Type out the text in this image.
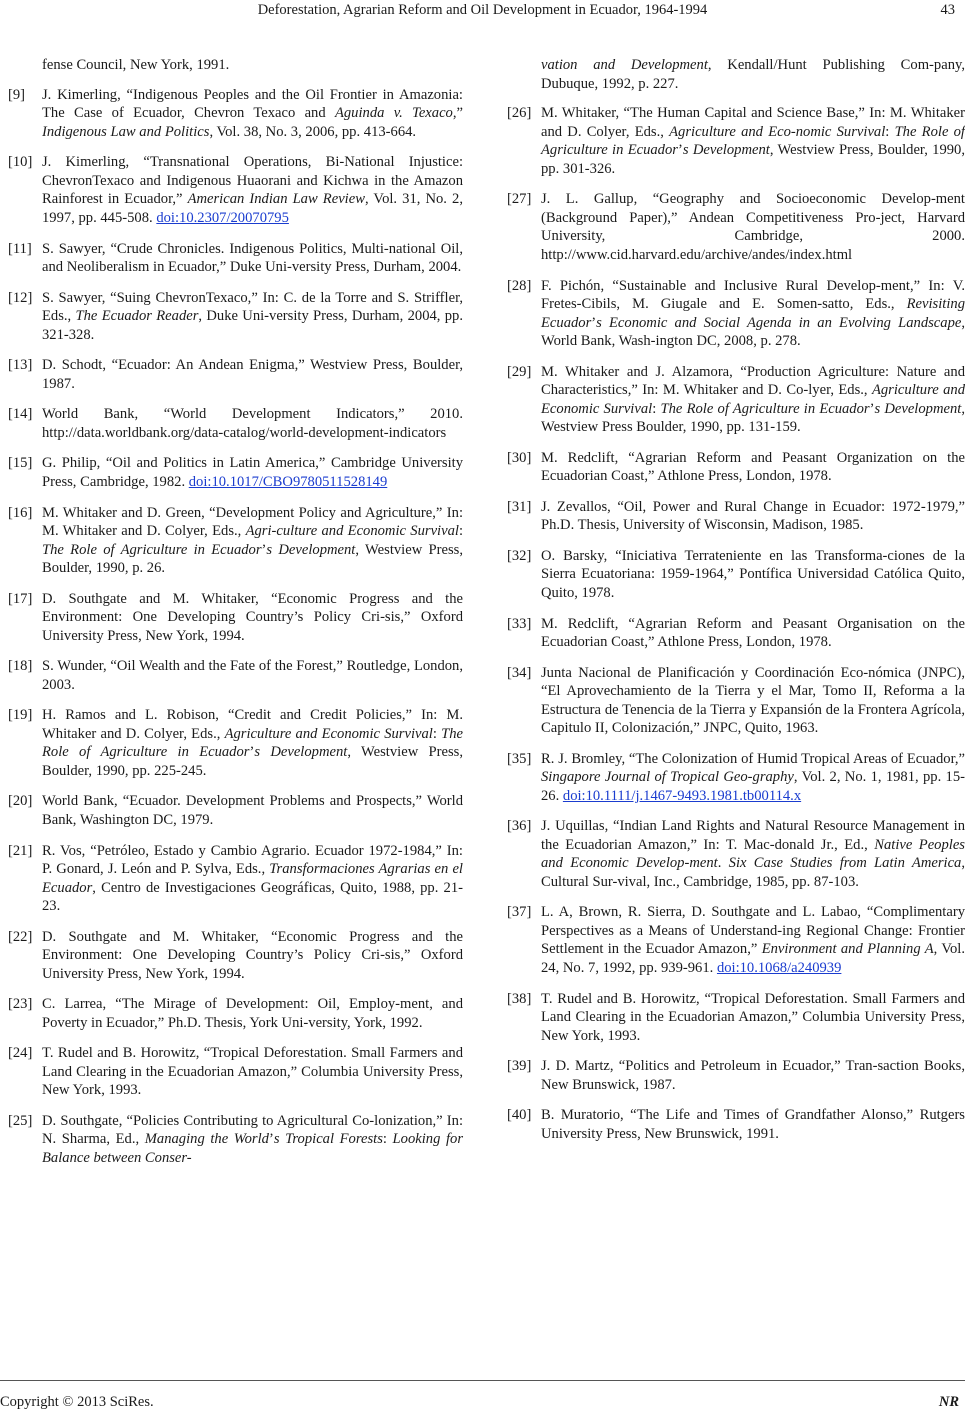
Deforestation, Agrarian Reform and Oil Development in Ecuador, 1964-1994	43
fense Council, New York, 1991.
[9]	J. Kimerling, “Indigenous Peoples and the Oil Frontier in Amazonia: The Case of Ecuador, Chevron Texaco and Aguinda v. Texaco,” Indigenous Law and Politics, Vol. 38, No. 3, 2006, pp. 413-664.
[10] J. Kimerling, “Transnational Operations, Bi-National Injustice: ChevronTexaco and Indigenous Huaorani and Kichwa in the Amazon Rainforest in Ecuador,” American Indian Law Review, Vol. 31, No. 2, 1997, pp. 445-508. doi:10.2307/20070795
[11] S. Sawyer, “Crude Chronicles. Indigenous Politics, Multi-national Oil, and Neoliberalism in Ecuador,” Duke Uni-versity Press, Durham, 2004.
[12] S. Sawyer, “Suing ChevronTexaco,” In: C. de la Torre and S. Striffler, Eds., The Ecuador Reader, Duke Uni-versity Press, Durham, 2004, pp. 321-328.
[13] D. Schodt, “Ecuador: An Andean Enigma,” Westview Press, Boulder, 1987.
[14] World Bank, “World Development Indicators,” 2010. http://data.worldbank.org/data-catalog/world-development-indicators
[15] G. Philip, “Oil and Politics in Latin America,” Cambridge University Press, Cambridge, 1982. doi:10.1017/CBO9780511528149
[16] M. Whitaker and D. Green, “Development Policy and Agriculture,” In: M. Whitaker and D. Colyer, Eds., Agri-culture and Economic Survival: The Role of Agriculture in Ecuador’s Development, Westview Press, Boulder, 1990, p. 26.
[17] D. Southgate and M. Whitaker, “Economic Progress and the Environment: One Developing Country’s Policy Cri-sis,” Oxford University Press, New York, 1994.
[18] S. Wunder, “Oil Wealth and the Fate of the Forest,” Routledge, London, 2003.
[19] H. Ramos and L. Robison, “Credit and Credit Policies,” In: M. Whitaker and D. Colyer, Eds., Agriculture and Economic Survival: The Role of Agriculture in Ecuador’s Development, Westview Press, Boulder, 1990, pp. 225-245.
[20] World Bank, “Ecuador. Development Problems and Prospects,” World Bank, Washington DC, 1979.
[21] R. Vos, “Petróleo, Estado y Cambio Agrario. Ecuador 1972-1984,” In: P. Gonard, J. León and P. Sylva, Eds., Transformaciones Agrarias en el Ecuador, Centro de Investigaciones Geográficas, Quito, 1988, pp. 21-23.
[22] D. Southgate and M. Whitaker, “Economic Progress and the Environment: One Developing Country’s Policy Cri-sis,” Oxford University Press, New York, 1994.
[23] C. Larrea, “The Mirage of Development: Oil, Employ-ment, and Poverty in Ecuador,” Ph.D. Thesis, York Uni-versity, York, 1992.
[24] T. Rudel and B. Horowitz, “Tropical Deforestation. Small Farmers and Land Clearing in the Ecuadorian Amazon,” Columbia University Press, New York, 1993.
[25] D. Southgate, “Policies Contributing to Agricultural Co-lonization,” In: N. Sharma, Ed., Managing the World’s Tropical Forests: Looking for Balance between Conser-
vation and Development, Kendall/Hunt Publishing Com-pany, Dubuque, 1992, p. 227.
[26] M. Whitaker, “The Human Capital and Science Base,” In: M. Whitaker and D. Colyer, Eds., Agriculture and Eco-nomic Survival: The Role of Agriculture in Ecuador’s Development, Westview Press, Boulder, 1990, pp. 301-326.
[27] J. L. Gallup, “Geography and Socioeconomic Develop-ment (Background Paper),” Andean Competitiveness Pro-ject, Harvard University, Cambridge, 2000. http://www.cid.harvard.edu/archive/andes/index.html
[28] F. Pichón, “Sustainable and Inclusive Rural Develop-ment,” In: V. Fretes-Cibils, M. Giugale and E. Somen-satto, Eds., Revisiting Ecuador’s Economic and Social Agenda in an Evolving Landscape, World Bank, Wash-ington DC, 2008, p. 278.
[29] M. Whitaker and J. Alzamora, “Production Agriculture: Nature and Characteristics,” In: M. Whitaker and D. Co-lyer, Eds., Agriculture and Economic Survival: The Role of Agriculture in Ecuador’s Development, Westview Press Boulder, 1990, pp. 131-159.
[30] M. Redclift, “Agrarian Reform and Peasant Organization on the Ecuadorian Coast,” Athlone Press, London, 1978.
[31] J. Zevallos, “Oil, Power and Rural Change in Ecuador: 1972-1979,” Ph.D. Thesis, University of Wisconsin, Madison, 1985.
[32] O. Barsky, “Iniciativa Terrateniente en las Transforma-ciones de la Sierra Ecuatoriana: 1959-1964,” Pontífica Universidad Católica Quito, Quito, 1978.
[33] M. Redclift, “Agrarian Reform and Peasant Organisation on the Ecuadorian Coast,” Athlone Press, London, 1978.
[34] Junta Nacional de Planificación y Coordinación Eco-nómica (JNPC), “El Aprovechamiento de la Tierra y el Mar, Tomo II, Reforma a la Estructura de Tenencia de la Tierra y Expansión de la Frontera Agrícola, Capitulo II, Colonización,” JNPC, Quito, 1963.
[35] R. J. Bromley, “The Colonization of Humid Tropical Areas of Ecuador,” Singapore Journal of Tropical Geo-graphy, Vol. 2, No. 1, 1981, pp. 15-26. doi:10.1111/j.1467-9493.1981.tb00114.x
[36] J. Uquillas, “Indian Land Rights and Natural Resource Management in the Ecuadorian Amazon,” In: T. Mac-donald Jr., Ed., Native Peoples and Economic Develop-ment. Six Case Studies from Latin America, Cultural Sur-vival, Inc., Cambridge, 1985, pp. 87-103.
[37] L. A, Brown, R. Sierra, D. Southgate and L. Labao, “Complimentary Perspectives as a Means of Understand-ing Regional Change: Frontier Settlement in the Ecuador Amazon,” Environment and Planning A, Vol. 24, No. 7, 1992, pp. 939-961. doi:10.1068/a240939
[38] T. Rudel and B. Horowitz, “Tropical Deforestation. Small Farmers and Land Clearing in the Ecuadorian Amazon,” Columbia University Press, New York, 1993.
[39] J. D. Martz, “Politics and Petroleum in Ecuador,” Tran-saction Books, New Brunswick, 1987.
[40] B. Muratorio, “The Life and Times of Grandfather Alonso,” Rutgers University Press, New Brunswick, 1991.
Copyright © 2013 SciRes.	NR
